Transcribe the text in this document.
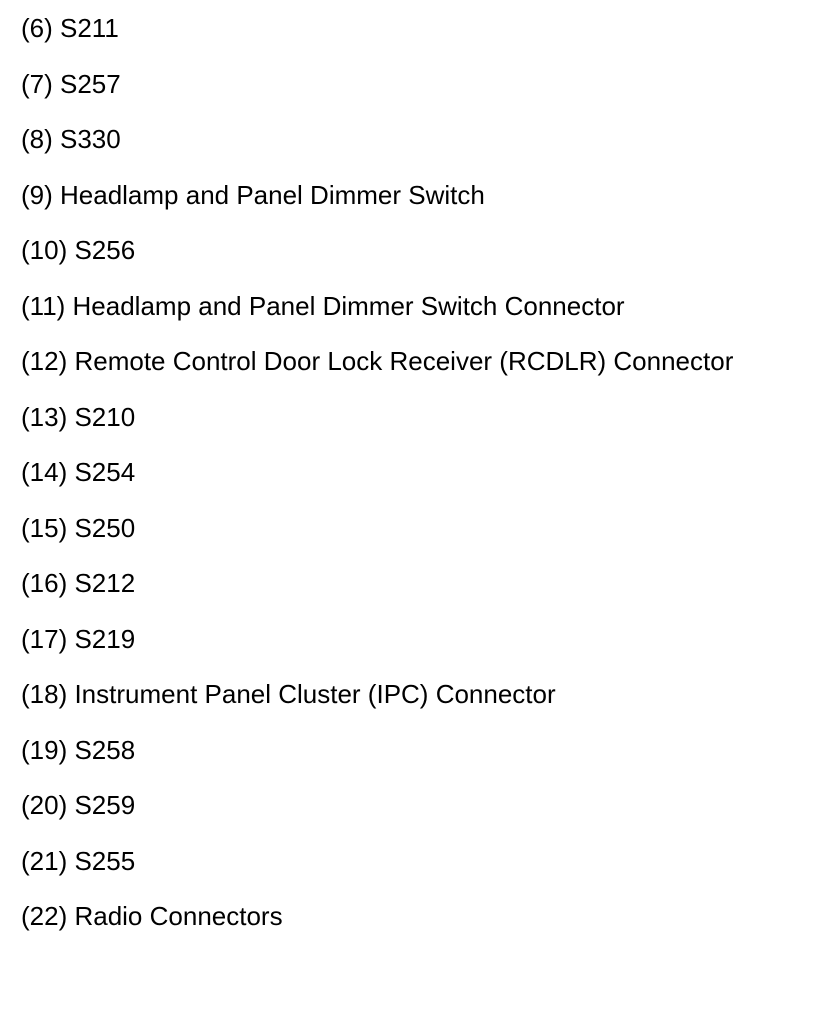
(6) S211
(7) S257
(8) S330
(9) Headlamp and Panel Dimmer Switch
(10) S256
(11) Headlamp and Panel Dimmer Switch Connector
(12) Remote Control Door Lock Receiver (RCDLR) Connector
(13) S210
(14) S254
(15) S250
(16) S212
(17) S219
(18) Instrument Panel Cluster (IPC) Connector
(19) S258
(20) S259
(21) S255
(22) Radio Connectors
